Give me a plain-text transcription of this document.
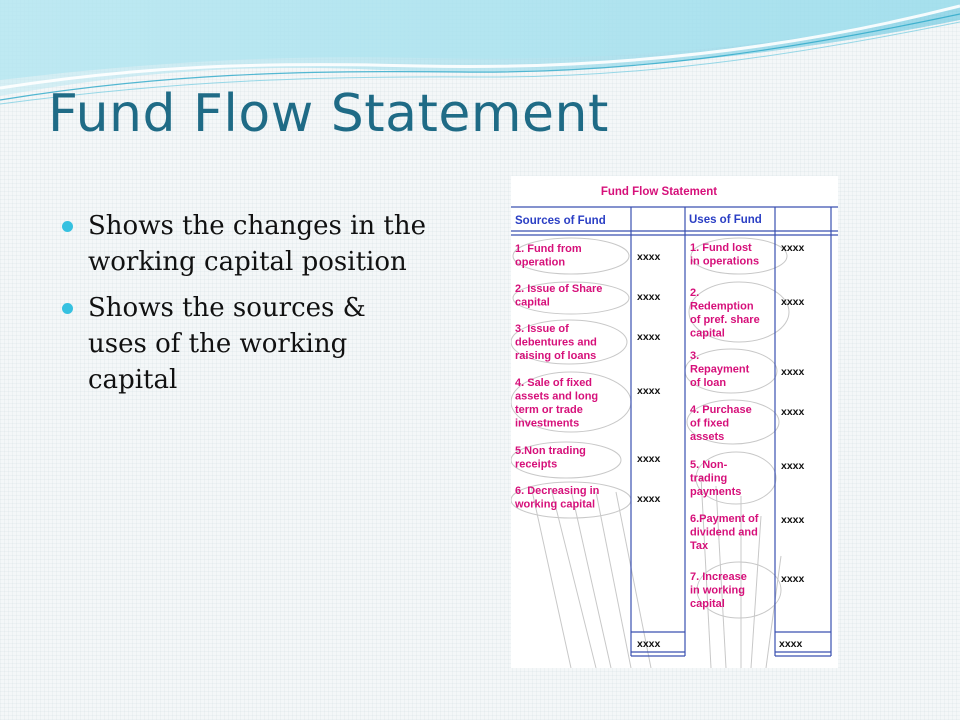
Fund Flow Statement
Shows the changes in the working capital position
Shows the sources & uses of the working capital
Fund Flow Statement
Sources of Fund	Uses of Fund
1. Fund from
operation
2. Issue of Share
capital
3. Issue of
debentures and
raising of loans
4. Sale of fixed
assets and long
term or trade
investments
5.Non trading
receipts
6. Decreasing in
working capital
1. Fund lost
in operations
2.
Redemption
of pref. share
capital
3.
Repayment
of loan
4. Purchase
of fixed
assets
5. Non-
trading
payments
6.Payment of
dividend and
Tax
7. Increase
in working
capital
xxxx
xxxx
xxxx
xxxx
xxxx
xxxx
xxxx
xxxx
xxxx
xxxx
xxxx
xxxx
xxxx
xxxx	xxxx
